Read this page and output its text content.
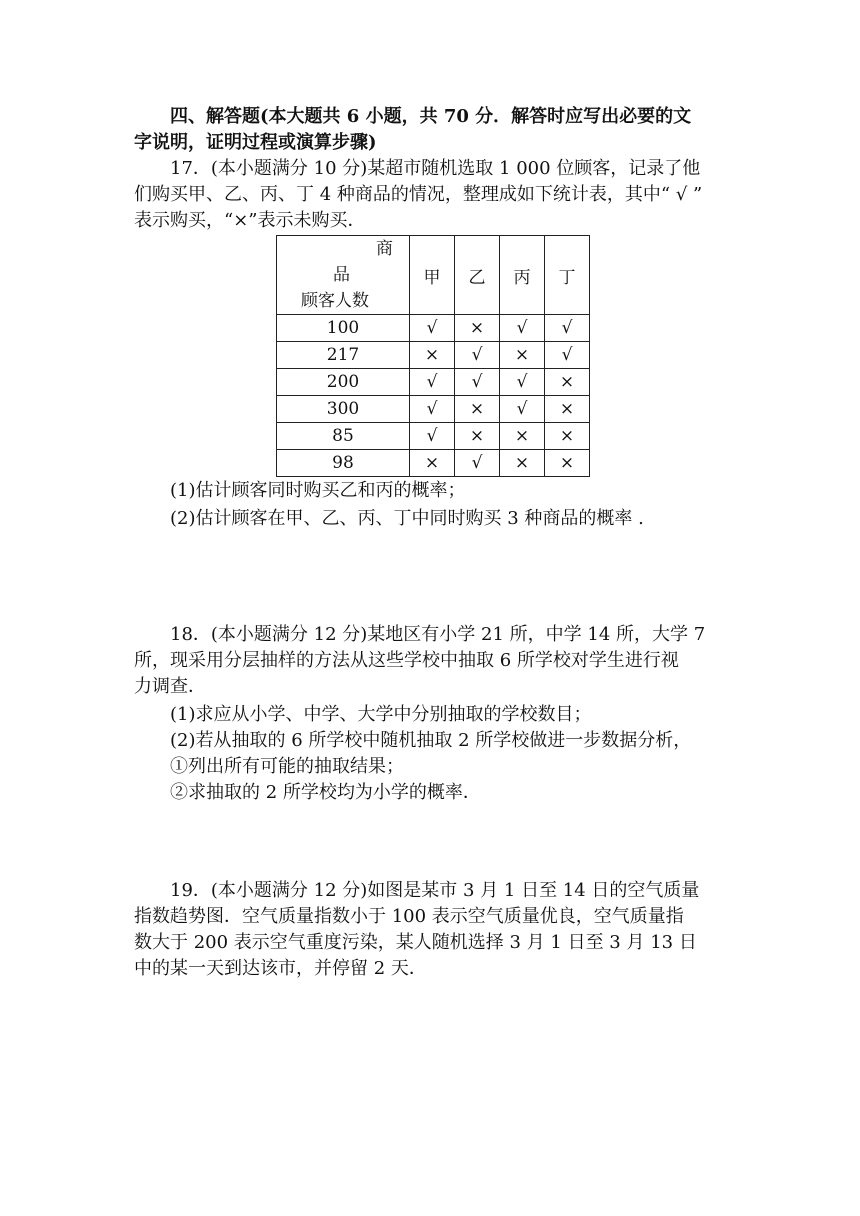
四、解答题(本大题共 6 小题，共 70 分．解答时应写出必要的文
字说明，证明过程或演算步骤)
17．(本小题满分 10 分)某超市随机选取 1 000 位顾客，记录了他
们购买甲、乙、丙、丁 4 种商品的情况，整理成如下统计表，其中“ √ ”
表示购买，“×”表示未购买．
商
品
顾客人数	甲	乙	丙	丁
100	√	×	√	√
217	×	√	×	√
200	√	√	√	×
300	√	×	√	×
85	√	×	×	×
98	×	√	×	×
(1)估计顾客同时购买乙和丙的概率；
(2)估计顾客在甲、乙、丙、丁中同时购买 3 种商品的概率 .
18．(本小题满分 12 分)某地区有小学 21 所，中学 14 所，大学 7
所，现采用分层抽样的方法从这些学校中抽取 6 所学校对学生进行视
力调查．
(1)求应从小学、中学、大学中分别抽取的学校数目；
(2)若从抽取的 6 所学校中随机抽取 2 所学校做进一步数据分析，
①列出所有可能的抽取结果；
②求抽取的 2 所学校均为小学的概率．
19．(本小题满分 12 分)如图是某市 3 月 1 日至 14 日的空气质量
指数趋势图．空气质量指数小于 100 表示空气质量优良，空气质量指
数大于 200 表示空气重度污染，某人随机选择 3 月 1 日至 3 月 13 日
中的某一天到达该市，并停留 2 天．
